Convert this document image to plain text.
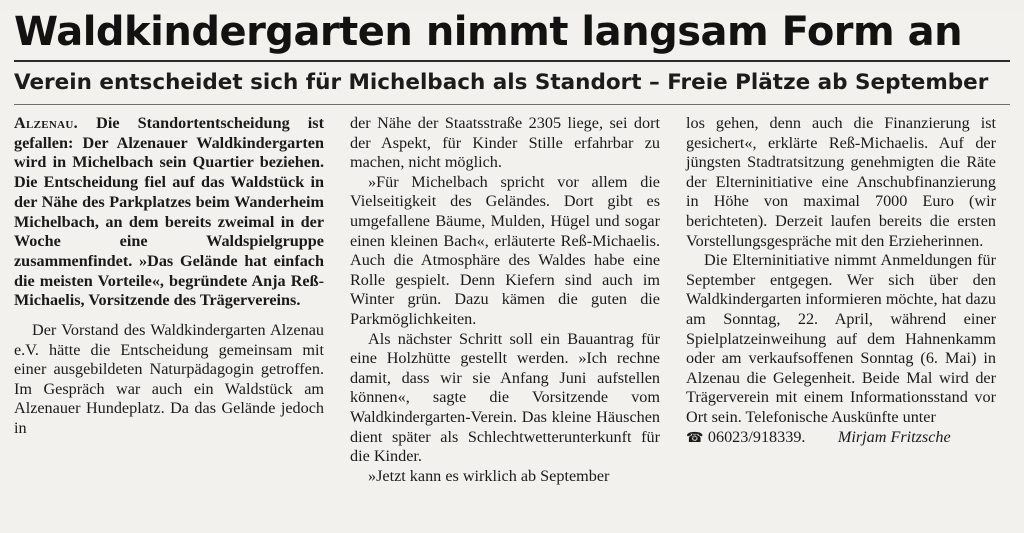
Waldkindergarten nimmt langsam Form an
Verein entscheidet sich für Michelbach als Standort – Freie Plätze ab September

Alzenau. Die Standortentscheidung ist gefallen: Der Alzenauer Waldkindergarten wird in Michelbach sein Quartier beziehen. Die Entscheidung fiel auf das Waldstück in der Nähe des Parkplatzes beim Wanderheim Michelbach, an dem bereits zweimal in der Woche eine Waldspielgruppe zusammenfindet. »Das Gelände hat einfach die meisten Vorteile«, begründete Anja Reß-Michaelis, Vorsitzende des Trägervereins.

Der Vorstand des Waldkindergarten Alzenau e.V. hätte die Entscheidung gemeinsam mit einer ausgebildeten Naturpädagogin getroffen. Im Gespräch war auch ein Waldstück am Alzenauer Hundeplatz. Da das Gelände jedoch in

der Nähe der Staatsstraße 2305 liege, sei dort der Aspekt, für Kinder Stille erfahrbar zu machen, nicht möglich.

»Für Michelbach spricht vor allem die Vielseitigkeit des Geländes. Dort gibt es umgefallene Bäume, Mulden, Hügel und sogar einen kleinen Bach«, erläuterte Reß-Michaelis. Auch die Atmosphäre des Waldes habe eine Rolle gespielt. Denn Kiefern sind auch im Winter grün. Dazu kämen die guten die Parkmöglichkeiten.

Als nächster Schritt soll ein Bauantrag für eine Holzhütte gestellt werden. »Ich rechne damit, dass wir sie Anfang Juni aufstellen können«, sagte die Vorsitzende vom Waldkindergarten-Verein. Das kleine Häuschen dient später als Schlechtwetterunterkunft für die Kinder.

»Jetzt kann es wirklich ab September

los gehen, denn auch die Finanzierung ist gesichert«, erklärte Reß-Michaelis. Auf der jüngsten Stadtratsitzung genehmigten die Räte der Elterninitiative eine Anschubfinanzierung in Höhe von maximal 7000 Euro (wir berichteten). Derzeit laufen bereits die ersten Vorstellungsgespräche mit den Erzieherinnen.

Die Elterninitiative nimmt Anmeldungen für September entgegen. Wer sich über den Waldkindergarten informieren möchte, hat dazu am Sonntag, 22. April, während einer Spielplatzeinweihung auf dem Hahnenkamm oder am verkaufsoffenen Sonntag (6. Mai) in Alzenau die Gelegenheit. Beide Mal wird der Trägerverein mit einem Informationsstand vor Ort sein. Telefonische Auskünfte unter

☎ 06023/918339. Mirjam Fritzsche
